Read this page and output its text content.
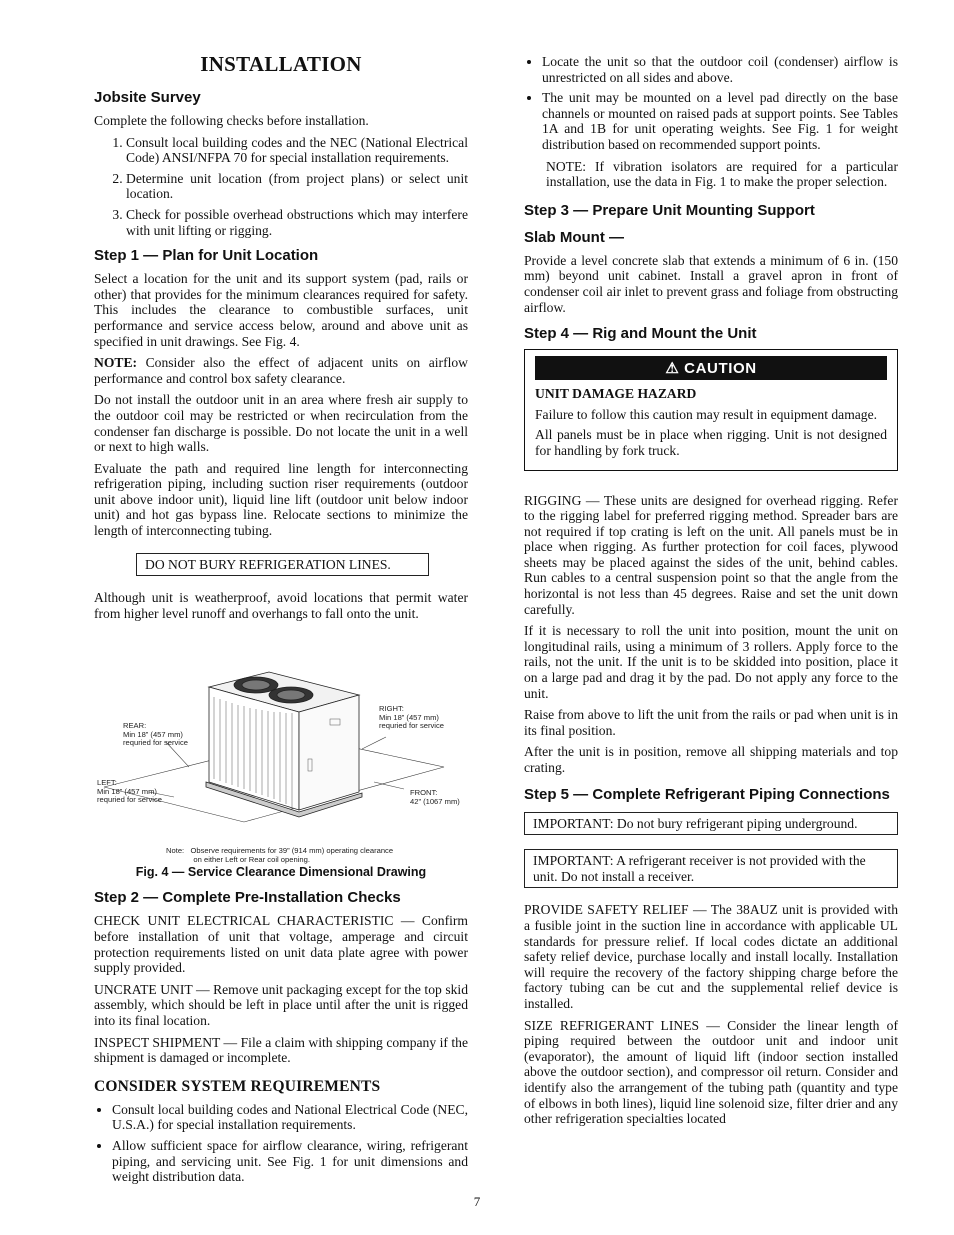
INSTALLATION
Jobsite Survey

Complete the following checks before installation.

1. Consult local building codes and the NEC (National Electrical Code) ANSI/NFPA 70 for special installation requirements.
2. Determine unit location (from project plans) or select unit location.
3. Check for possible overhead obstructions which may interfere with unit lifting or rigging.
Step 1 — Plan for Unit Location

Select a location for the unit and its support system (pad, rails or other) that provides for the minimum clearances required for safety. This includes the clearance to combustible surfaces, unit performance and service access below, around and above unit as specified in unit drawings. See Fig. 4.

NOTE: Consider also the effect of adjacent units on airflow performance and control box safety clearance.

Do not install the outdoor unit in an area where fresh air supply to the outdoor coil may be restricted or when recirculation from the condenser fan discharge is possible. Do not locate the unit in a well or next to high walls.

Evaluate the path and required line length for interconnecting refrigeration piping, including suction riser requirements (outdoor unit above indoor unit), liquid line lift (outdoor unit below indoor unit) and hot gas bypass line. Relocate sections to minimize the length of interconnecting tubing.

DO NOT BURY REFRIGERATION LINES.

Although unit is weatherproof, avoid locations that permit water from higher level runoff and overhangs to fall onto the unit.

REAR:
Min 18” (457 mm)
requried for service
RIGHT:
Min 18” (457 mm)
requried for service
LEFT:
Min 18” (457 mm)
requried for service
FRONT:
42” (1067 mm)
Note:   Observe requirements for 39” (914 mm) operating clearance
on either Left or Rear coil opening.
Fig. 4 — Service Clearance Dimensional Drawing
Step 2 — Complete Pre-Installation Checks

CHECK UNIT ELECTRICAL CHARACTERISTIC — Confirm before installation of unit that voltage, amperage and circuit protection requirements listed on unit data plate agree with power supply provided.

UNCRATE UNIT — Remove unit packaging except for the top skid assembly, which should be left in place until after the unit is rigged into its final location.

INSPECT SHIPMENT — File a claim with shipping company if the shipment is damaged or incomplete.

CONSIDER SYSTEM REQUIREMENTS
• Consult local building codes and National Electrical Code (NEC, U.S.A.) for special installation requirements.
• Allow sufficient space for airflow clearance, wiring, refrigerant piping, and servicing unit. See Fig. 1 for unit dimensions and weight distribution data.
• Locate the unit so that the outdoor coil (condenser) airflow is unrestricted on all sides and above.
• The unit may be mounted on a level pad directly on the base channels or mounted on raised pads at support points. See Tables 1A and 1B for unit operating weights. See Fig. 1 for weight distribution based on recommended support points.

NOTE: If vibration isolators are required for a particular installation, use the data in Fig. 1 to make the proper selection.

Step 3 — Prepare Unit Mounting Support
Slab Mount —

Provide a level concrete slab that extends a minimum of 6 in. (150 mm) beyond unit cabinet. Install a gravel apron in front of condenser coil air inlet to prevent grass and foliage from obstructing airflow.

Step 4 — Rig and Mount the Unit
⚠ CAUTION

UNIT DAMAGE HAZARD

Failure to follow this caution may result in equipment damage.

All panels must be in place when rigging. Unit is not designed for handling by fork truck.

RIGGING — These units are designed for overhead rigging. Refer to the rigging label for preferred rigging method. Spreader bars are not required if top crating is left on the unit. All panels must be in place when rigging. As further protection for coil faces, plywood sheets may be placed against the sides of the unit, behind cables. Run cables to a central suspension point so that the angle from the horizontal is not less than 45 degrees. Raise and set the unit down carefully.

If it is necessary to roll the unit into position, mount the unit on longitudinal rails, using a minimum of 3 rollers. Apply force to the rails, not the unit. If the unit is to be skidded into position, place it on a large pad and drag it by the pad. Do not apply any force to the unit.

Raise from above to lift the unit from the rails or pad when unit is in its final position.

After the unit is in position, remove all shipping materials and top crating.

Step 5 — Complete Refrigerant Piping Connections
IMPORTANT: Do not bury refrigerant piping underground.
IMPORTANT: A refrigerant receiver is not provided with the unit. Do not install a receiver.

PROVIDE SAFETY RELIEF — The 38AUZ unit is provided with a fusible joint in the suction line in accordance with applicable UL standards for pressure relief. If local codes dictate an additional safety relief device, purchase locally and install locally. Installation will require the recovery of the factory shipping charge before the factory tubing can be cut and the supplemental relief device is installed.

SIZE REFRIGERANT LINES — Consider the linear length of piping required between the outdoor unit and indoor unit (evaporator), the amount of liquid lift (indoor section installed above the outdoor section), and compressor oil return. Consider and identify also the arrangement of the tubing path (quantity and type of elbows in both lines), liquid line solenoid size, filter drier and any other refrigeration specialties located

7
